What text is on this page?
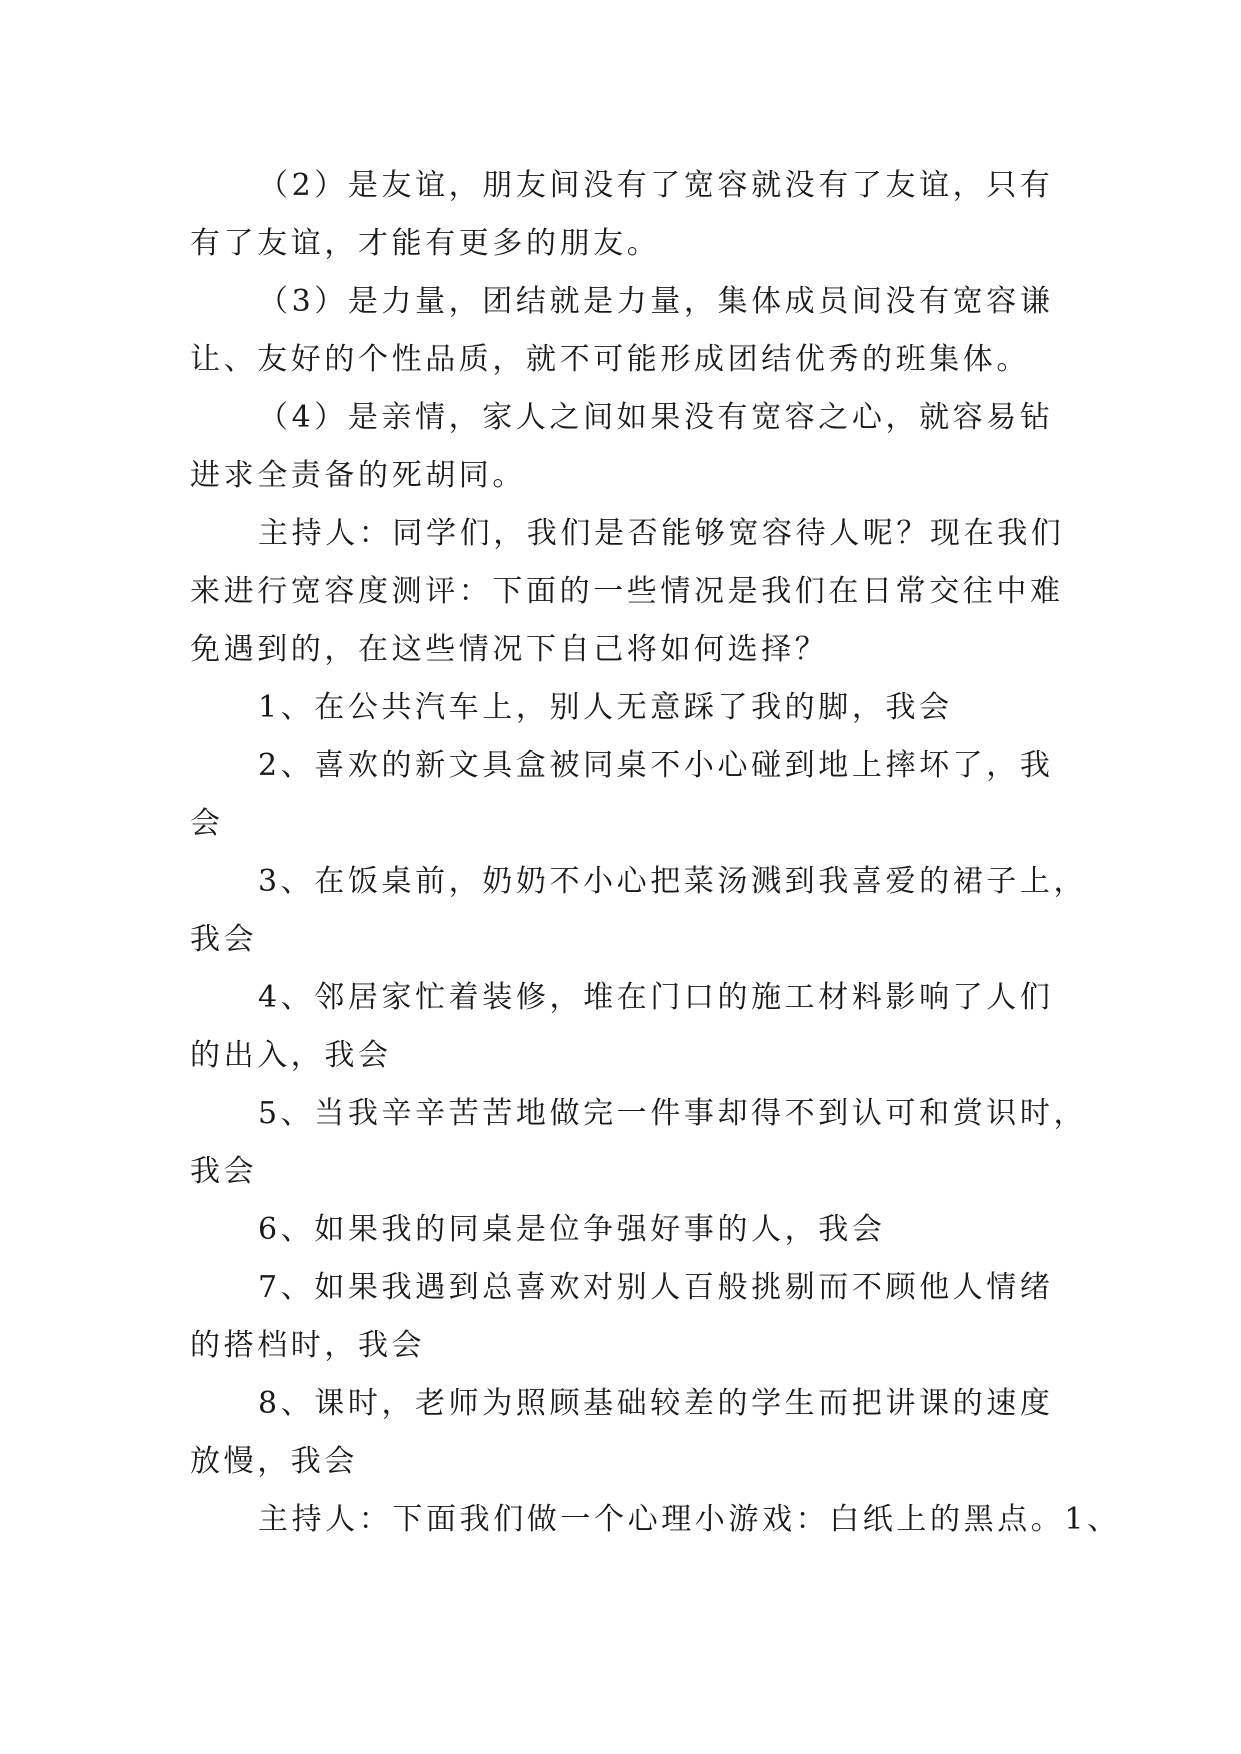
（2）是友谊，朋友间没有了宽容就没有了友谊，只有

有了友谊，才能有更多的朋友。

（3）是力量，团结就是力量，集体成员间没有宽容谦

让、友好的个性品质，就不可能形成团结优秀的班集体。

（4）是亲情，家人之间如果没有宽容之心，就容易钻

进求全责备的死胡同。

主持人：同学们，我们是否能够宽容待人呢？现在我们

来进行宽容度测评：下面的一些情况是我们在日常交往中难

免遇到的，在这些情况下自己将如何选择？

1、在公共汽车上，别人无意踩了我的脚，我会

2、喜欢的新文具盒被同桌不小心碰到地上摔坏了，我

会

3、在饭桌前，奶奶不小心把菜汤溅到我喜爱的裙子上，

我会

4、邻居家忙着装修，堆在门口的施工材料影响了人们

的出入，我会

5、当我辛辛苦苦地做完一件事却得不到认可和赏识时，

我会

6、如果我的同桌是位争强好事的人，我会

7、如果我遇到总喜欢对别人百般挑剔而不顾他人情绪

的搭档时，我会

8、课时，老师为照顾基础较差的学生而把讲课的速度

放慢，我会

主持人：下面我们做一个心理小游戏：白纸上的黑点。1、
